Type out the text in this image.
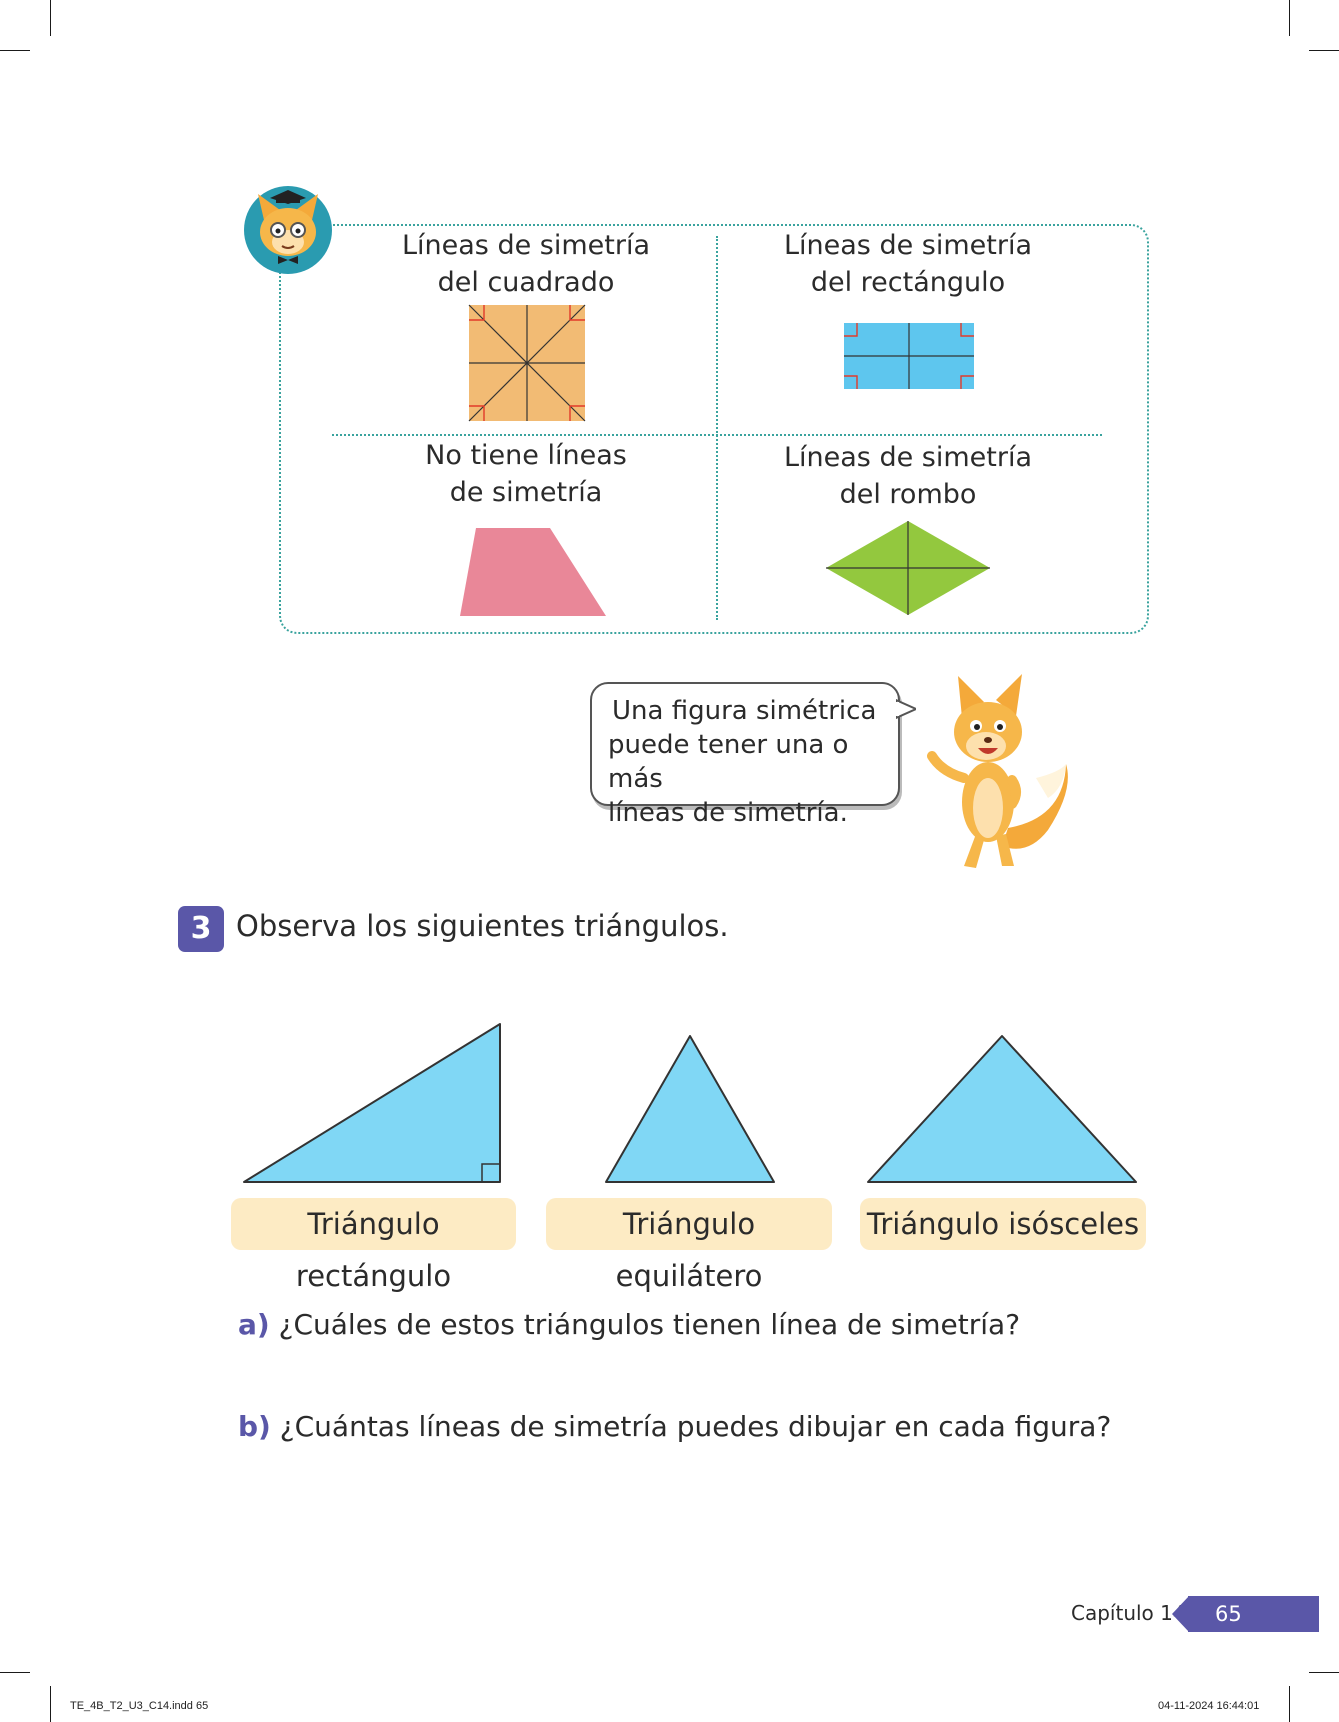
Líneas de simetría
del cuadrado
Líneas de simetría
del rectángulo
No tiene líneas
de simetría
Líneas de simetría
del rombo
Una figura simétrica
puede tener una o más
líneas de simetría.
3 Observa los siguientes triángulos.
Triángulo rectángulo
Triángulo equilátero
Triángulo isósceles
a) ¿Cuáles de estos triángulos tienen línea de simetría?
b) ¿Cuántas líneas de simetría puedes dibujar en cada figura?
Capítulo 14	65
TE_4B_T2_U3_C14.indd 65	04-11-2024 16:44:01
